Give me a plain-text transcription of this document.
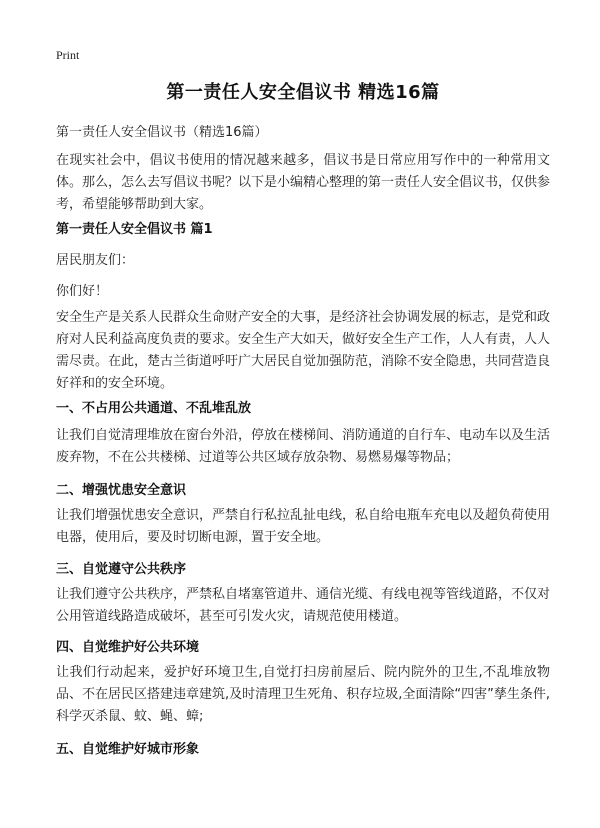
Print
第一责任人安全倡议书 精选16篇
第一责任人安全倡议书（精选16篇）
在现实社会中，倡议书使用的情况越来越多，倡议书是日常应用写作中的一种常用文体。那么，怎么去写倡议书呢？以下是小编精心整理的第一责任人安全倡议书，仅供参考，希望能够帮助到大家。
第一责任人安全倡议书 篇1
居民朋友们：
你们好！
安全生产是关系人民群众生命财产安全的大事，是经济社会协调发展的标志，是党和政府对人民利益高度负责的要求。安全生产大如天，做好安全生产工作，人人有责，人人需尽责。在此，楚古兰街道呼吁广大居民自觉加强防范，消除不安全隐患，共同营造良好祥和的安全环境。
一、不占用公共通道、不乱堆乱放
让我们自觉清理堆放在窗台外沿，停放在楼梯间、消防通道的自行车、电动车以及生活废弃物，不在公共楼梯、过道等公共区域存放杂物、易燃易爆等物品；
二、增强忧患安全意识
让我们增强忧患安全意识，严禁自行私拉乱扯电线，私自给电瓶车充电以及超负荷使用电器，使用后，要及时切断电源，置于安全地。
三、自觉遵守公共秩序
让我们遵守公共秩序，严禁私自堵塞管道井、通信光缆、有线电视等管线道路，不仅对公用管道线路造成破坏，甚至可引发火灾，请规范使用楼道。
四、自觉维护好公共环境
让我们行动起来，爱护好环境卫生,自觉打扫房前屋后、院内院外的卫生,不乱堆放物品、不在居民区搭建违章建筑,及时清理卫生死角、积存垃圾,全面清除“四害”孳生条件,科学灭杀鼠、蚊、蝇、蟑;
五、自觉维护好城市形象
